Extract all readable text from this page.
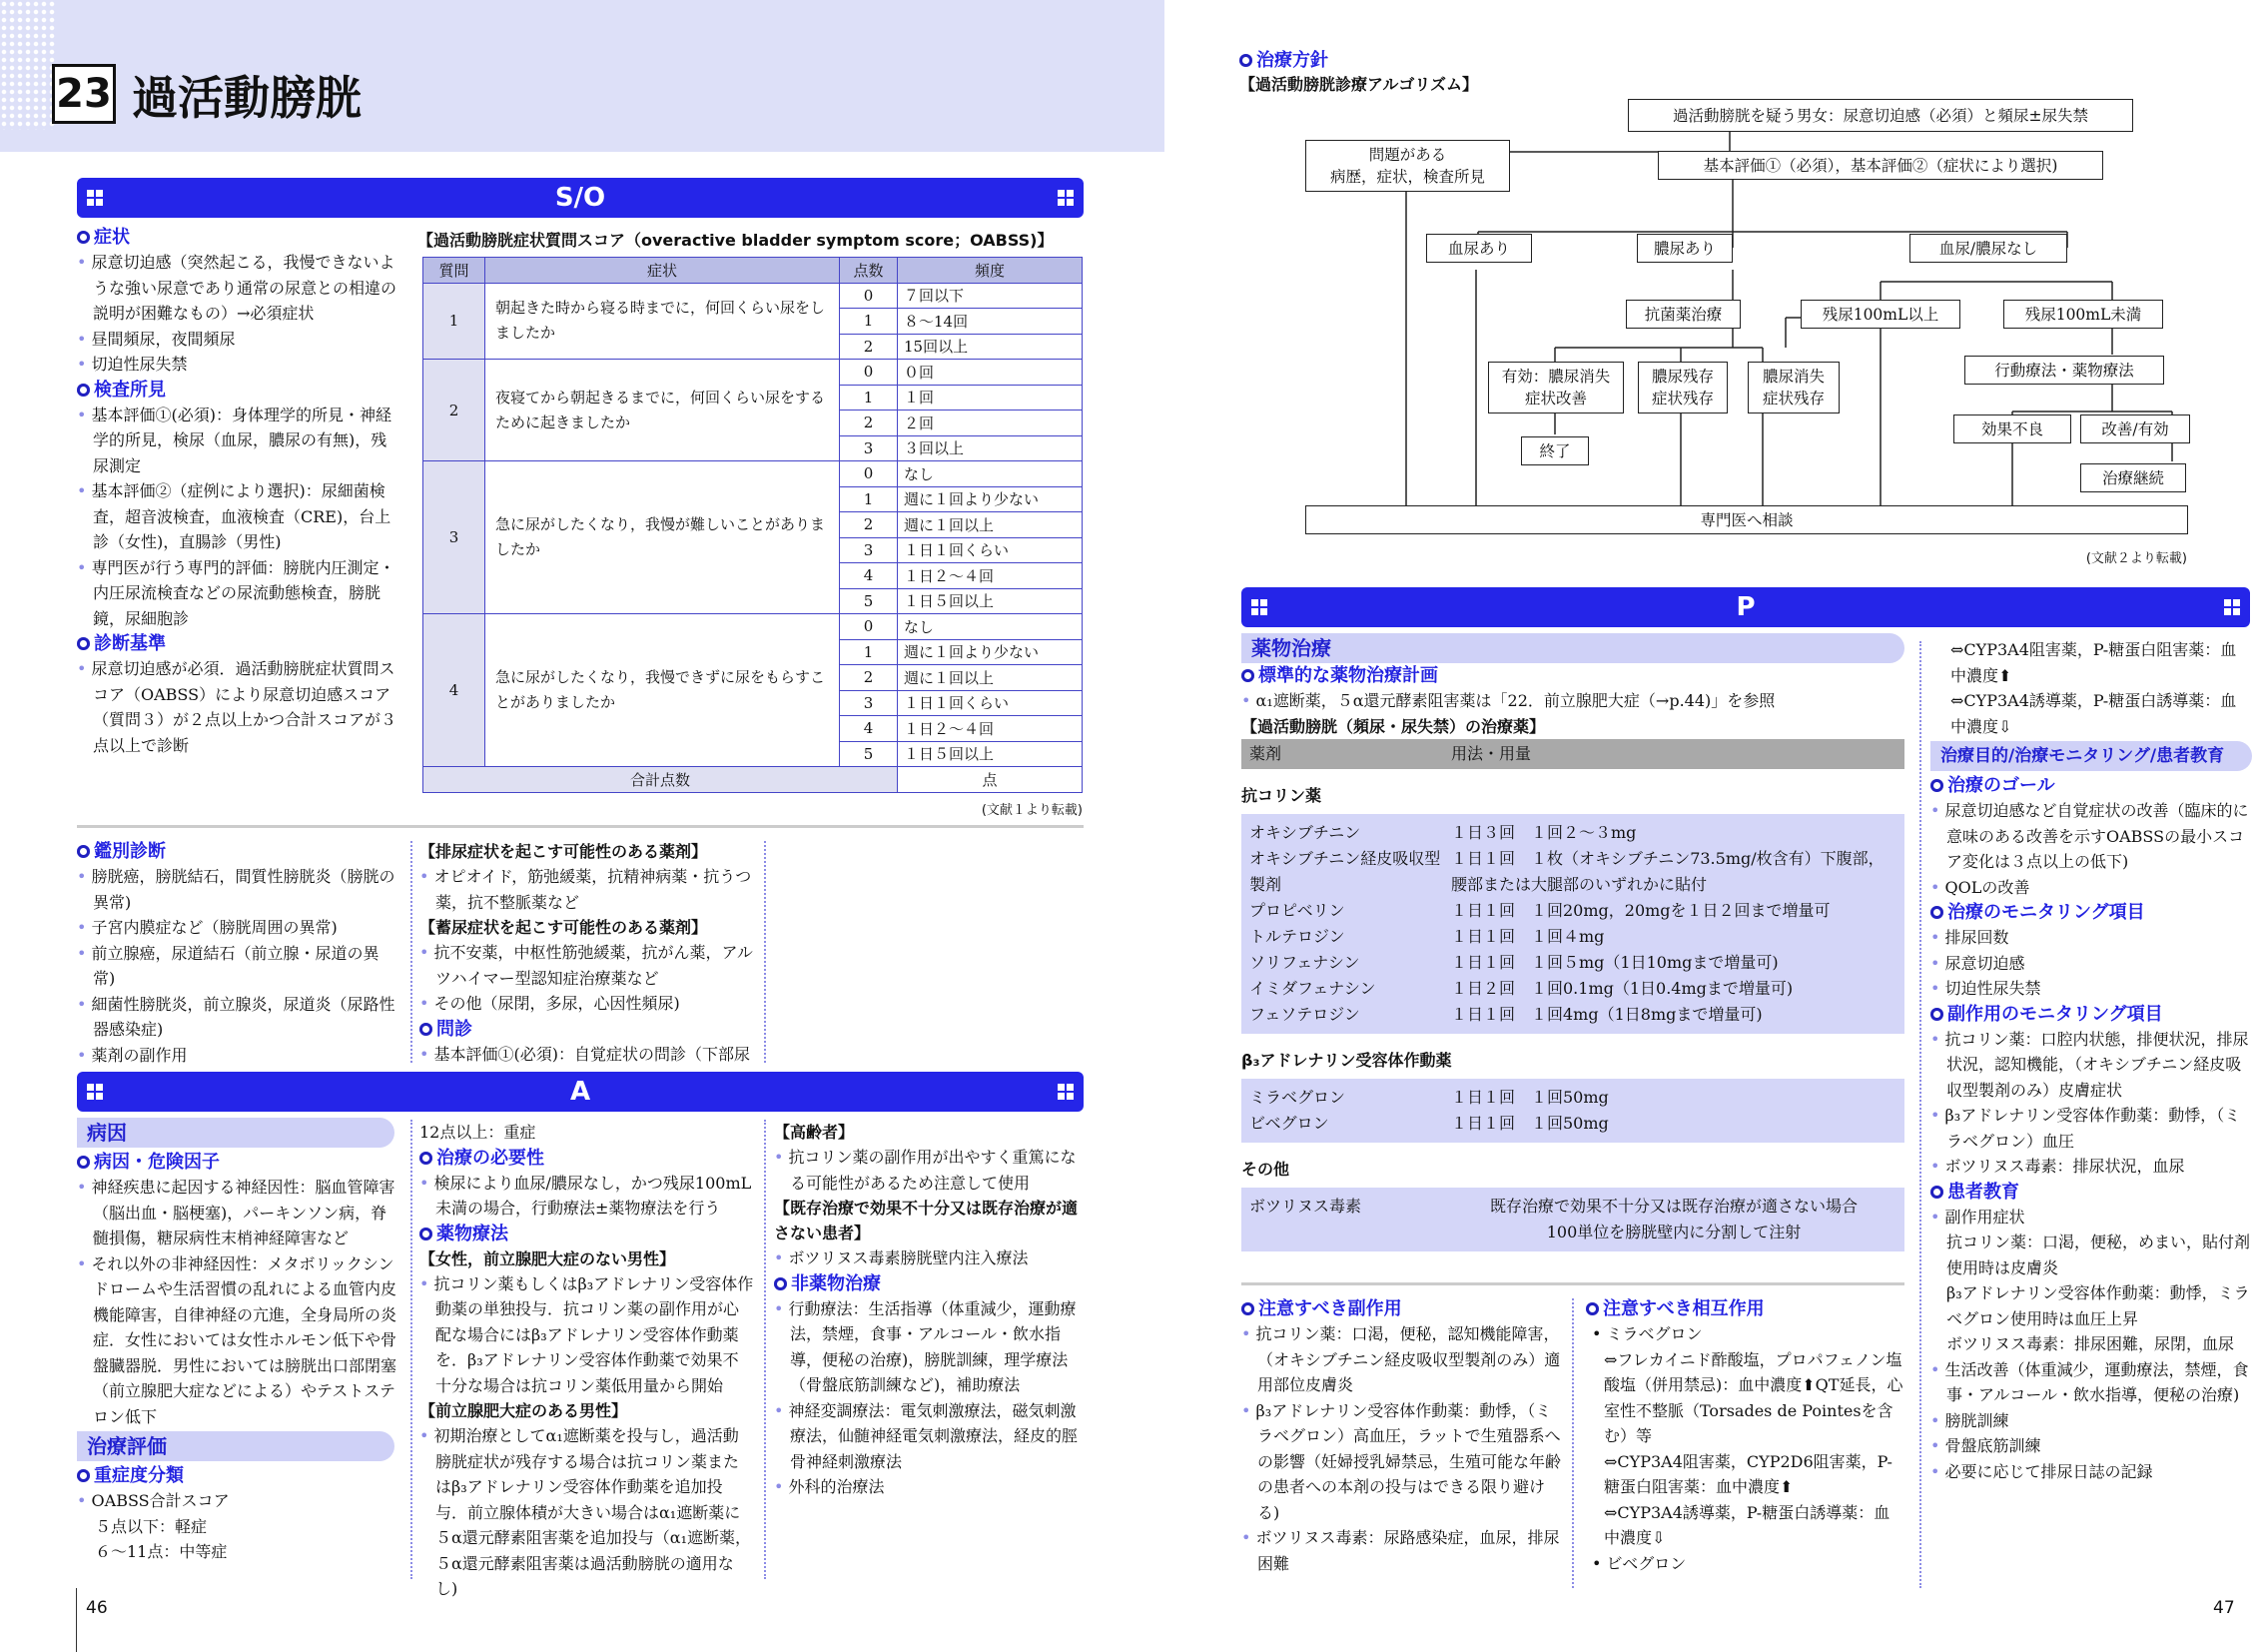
23 過活動膀胱
S/O
症状
• 尿意切迫感（突然起こる，我慢できないような強い尿意であり通常の尿意との相違の説明が困難なもの）→必須症状
• 昼間頻尿，夜間頻尿
• 切迫性尿失禁
検査所見
• 基本評価①(必須)：身体理学的所見・神経学的所見，検尿（血尿，膿尿の有無)，残尿測定
• 基本評価②（症例により選択)：尿細菌検査，超音波検査，血液検査（CRE)，台上診（女性)，直腸診（男性)
• 専門医が行う専門的評価：膀胱内圧測定・内圧尿流検査などの尿流動態検査，膀胱鏡，尿細胞診
診断基準
• 尿意切迫感が必須．過活動膀胱症状質問スコア（OABSS）により尿意切迫感スコア（質問３）が２点以上かつ合計スコアが３点以上で診断
【過活動膀胱症状質問スコア（overactive bladder symptom score；OABSS)】
質問	症状	点数	頻度
1	朝起きた時から寝る時までに，何回くらい尿をしましたか	0	７回以下
		1	８～14回
		2	15回以上
2	夜寝てから朝起きるまでに，何回くらい尿をするために起きましたか	0	０回
		1	１回
		2	２回
		3	３回以上
3	急に尿がしたくなり，我慢が難しいことがありましたか	0	なし
		1	週に１回より少ない
		2	週に１回以上
		3	１日１回くらい
		4	１日２～４回
		5	１日５回以上
4	急に尿がしたくなり，我慢できずに尿をもらすことがありましたか	0	なし
		1	週に１回より少ない
		2	週に１回以上
		3	１日１回くらい
		4	１日２～４回
		5	１日５回以上
合計点数			点
(文献１より転載)
鑑別診断
• 膀胱癌，膀胱結石，間質性膀胱炎（膀胱の異常)
• 子宮内膜症など（膀胱周囲の異常)
• 前立腺癌，尿道結石（前立腺・尿道の異常)
• 細菌性膀胱炎，前立腺炎，尿道炎（尿路性器感染症)
• 薬剤の副作用
【排尿症状を起こす可能性のある薬剤】
• オピオイド，筋弛緩薬，抗精神病薬・抗うつ薬，抗不整脈薬など
【蓄尿症状を起こす可能性のある薬剤】
• 抗不安薬，中枢性筋弛緩薬，抗がん薬，アルツハイマー型認知症治療薬など
• その他（尿閉，多尿，心因性頻尿)
問診
• 基本評価①(必須)：自覚症状の問診（下部尿
A
病因
病因・危険因子
• 神経疾患に起因する神経因性：脳血管障害（脳出血・脳梗塞)，パーキンソン病，脊髄損傷，糖尿病性末梢神経障害など
• それ以外の非神経因性：メタボリックシンドロームや生活習慣の乱れによる血管内皮機能障害，自律神経の亢進，全身局所の炎症．女性においては女性ホルモン低下や骨盤臓器脱．男性においては膀胱出口部閉塞（前立腺肥大症などによる）やテストステロン低下
治療評価
重症度分類
• OABSS合計スコア
５点以下：軽症
６～11点：中等症
12点以上：重症
治療の必要性
• 検尿により血尿/膿尿なし，かつ残尿100mL未満の場合，行動療法±薬物療法を行う
薬物療法
【女性，前立腺肥大症のない男性】
• 抗コリン薬もしくはβ₃アドレナリン受容体作動薬の単独投与．抗コリン薬の副作用が心配な場合にはβ₃アドレナリン受容体作動薬を．β₃アドレナリン受容体作動薬で効果不十分な場合は抗コリン薬低用量から開始
【前立腺肥大症のある男性】
• 初期治療としてα₁遮断薬を投与し，過活動膀胱症状が残存する場合は抗コリン薬またはβ₃アドレナリン受容体作動薬を追加投与．前立腺体積が大きい場合はα₁遮断薬に５α還元酵素阻害薬を追加投与（α₁遮断薬，５α還元酵素阻害薬は過活動膀胱の適用なし)
【高齢者】
• 抗コリン薬の副作用が出やすく重篤になる可能性があるため注意して使用
【既存治療で効果不十分又は既存治療が適さない患者】
• ボツリヌス毒素膀胱壁内注入療法
非薬物治療
• 行動療法：生活指導（体重減少，運動療法，禁煙，食事・アルコール・飲水指導，便秘の治療)，膀胱訓練，理学療法（骨盤底筋訓練など)，補助療法
• 神経変調療法：電気刺激療法，磁気刺激療法，仙髄神経電気刺激療法，経皮的脛骨神経刺激療法
• 外科的治療法
46
治療方針
【過活動膀胱診療アルゴリズム】
過活動膀胱を疑う男女：尿意切迫感（必須）と頻尿±尿失禁
問題がある
病歴，症状，検査所見
基本評価①（必須），基本評価②（症状により選択)
血尿あり	膿尿あり	血尿/膿尿なし
抗菌薬治療	残尿100mL以上	残尿100mL未満
有効：膿尿消失
症状改善
膿尿残存
症状残存
膿尿消失
症状残存
行動療法・薬物療法
効果不良	改善/有効
終了
治療継続
専門医へ相談
(文献２より転載)
P
薬物治療
標準的な薬物治療計画
• α₁遮断薬，５α還元酵素阻害薬は「22．前立腺肥大症（→p.44)」を参照
【過活動膀胱（頻尿・尿失禁）の治療薬】
薬剤	用法・用量
抗コリン薬
オキシブチニン	１日３回　１回２～３mg
オキシブチニン経皮吸収型製剤
１日１回　１枚（オキシブチニン73.5mg/枚含有）下腹部，腰部または大腿部のいずれかに貼付
プロピベリン	１日１回　１回20mg，20mgを１日２回まで増量可
トルテロジン	１日１回　１回４mg
ソリフェナシン	１日１回　１回５mg（1日10mgまで増量可)
イミダフェナシン	１日２回　１回0.1mg（1日0.4mgまで増量可)
フェソテロジン	１日１回　１回4mg（1日8mgまで増量可)
β₃アドレナリン受容体作動薬
ミラベグロン	１日１回　１回50mg
ビベグロン	１日１回　１回50mg
その他
ボツリヌス毒素	既存治療で効果不十分又は既存治療が適さない場合
100単位を膀胱壁内に分割して注射
注意すべき副作用
• 抗コリン薬：口渇，便秘，認知機能障害，（オキシブチニン経皮吸収型製剤のみ）適用部位皮膚炎
• β₃アドレナリン受容体作動薬：動悸，（ミラベグロン）高血圧，ラットで生殖器系への影響（妊婦授乳婦禁忌，生殖可能な年齢の患者への本剤の投与はできる限り避ける)
• ボツリヌス毒素：尿路感染症，血尿，排尿困難
注意すべき相互作用
• ミラベグロン
⇔フレカイニド酢酸塩，プロパフェノン塩酸塩（併用禁忌)：血中濃度⬆QT延長，心室性不整脈（Torsades de Pointesを含む）等
⇔CYP3A4阻害薬，CYP2D6阻害薬，P-糖蛋白阻害薬：血中濃度⬆
⇔CYP3A4誘導薬，P-糖蛋白誘導薬：血中濃度⇩
• ビベグロン
⇔CYP3A4阻害薬，P-糖蛋白阻害薬：血中濃度⬆
⇔CYP3A4誘導薬，P-糖蛋白誘導薬：血中濃度⇩
治療目的/治療モニタリング/患者教育
治療のゴール
• 尿意切迫感など自覚症状の改善（臨床的に意味のある改善を示すOABSSの最小スコア変化は３点以上の低下)
• QOLの改善
治療のモニタリング項目
• 排尿回数
• 尿意切迫感
• 切迫性尿失禁
副作用のモニタリング項目
• 抗コリン薬：口腔内状態，排便状況，排尿状況，認知機能，（オキシブチニン経皮吸収型製剤のみ）皮膚症状
• β₃アドレナリン受容体作動薬：動悸，（ミラベグロン）血圧
• ボツリヌス毒素：排尿状況，血尿
患者教育
• 副作用症状
抗コリン薬：口渇，便秘，めまい，貼付剤使用時は皮膚炎
β₃アドレナリン受容体作動薬：動悸，ミラベグロン使用時は血圧上昇
ボツリヌス毒素：排尿困難，尿閉，血尿
• 生活改善（体重減少，運動療法，禁煙，食事・アルコール・飲水指導，便秘の治療)
• 膀胱訓練
• 骨盤底筋訓練
• 必要に応じて排尿日誌の記録
47
